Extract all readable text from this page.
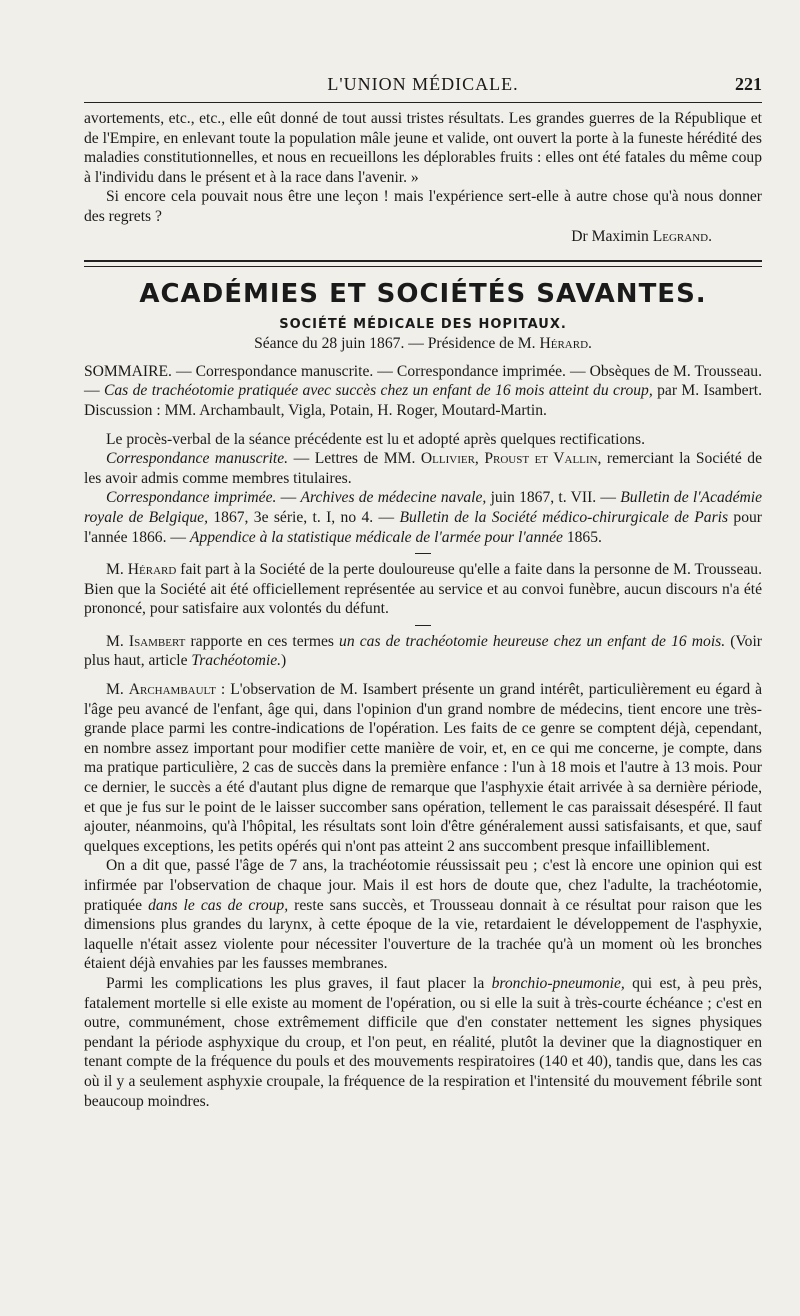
L'UNION MÉDICALE.	221

avortements, etc., etc., elle eût donné de tout aussi tristes résultats. Les grandes guerres de la République et de l'Empire, en enlevant toute la population mâle jeune et valide, ont ouvert la porte à la funeste hérédité des maladies constitutionnelles, et nous en recueillons les déplorables fruits : elles ont été fatales du même coup à l'individu dans le présent et à la race dans l'avenir. »

Si encore cela pouvait nous être une leçon ! mais l'expérience sert-elle à autre chose qu'à nous donner des regrets ?

Dr Maximin Legrand.

ACADÉMIES ET SOCIÉTÉS SAVANTES.
SOCIÉTÉ MÉDICALE DES HOPITAUX.

Séance du 28 juin 1867. — Présidence de M. Hérard.

SOMMAIRE. — Correspondance manuscrite. — Correspondance imprimée. — Obsèques de M. Trousseau. — Cas de trachéotomie pratiquée avec succès chez un enfant de 16 mois atteint du croup, par M. Isambert. Discussion : MM. Archambault, Vigla, Potain, H. Roger, Moutard-Martin.

Le procès-verbal de la séance précédente est lu et adopté après quelques rectifications.

Correspondance manuscrite. — Lettres de MM. Ollivier, Proust et Vallin, remerciant la Société de les avoir admis comme membres titulaires.

Correspondance imprimée. — Archives de médecine navale, juin 1867, t. VII. — Bulletin de l'Académie royale de Belgique, 1867, 3e série, t. I, no 4. — Bulletin de la Société médico-chirurgicale de Paris pour l'année 1866. — Appendice à la statistique médicale de l'armée pour l'année 1865.

M. Hérard fait part à la Société de la perte douloureuse qu'elle a faite dans la personne de M. Trousseau. Bien que la Société ait été officiellement représentée au service et au convoi funèbre, aucun discours n'a été prononcé, pour satisfaire aux volontés du défunt.

M. Isambert rapporte en ces termes un cas de trachéotomie heureuse chez un enfant de 16 mois. (Voir plus haut, article Trachéotomie.)

M. Archambault : L'observation de M. Isambert présente un grand intérêt, particulièrement eu égard à l'âge peu avancé de l'enfant, âge qui, dans l'opinion d'un grand nombre de médecins, tient encore une très-grande place parmi les contre-indications de l'opération. Les faits de ce genre se comptent déjà, cependant, en nombre assez important pour modifier cette manière de voir, et, en ce qui me concerne, je compte, dans ma pratique particulière, 2 cas de succès dans la première enfance : l'un à 18 mois et l'autre à 13 mois. Pour ce dernier, le succès a été d'autant plus digne de remarque que l'asphyxie était arrivée à sa dernière période, et que je fus sur le point de le laisser succomber sans opération, tellement le cas paraissait désespéré. Il faut ajouter, néanmoins, qu'à l'hôpital, les résultats sont loin d'être généralement aussi satisfaisants, et que, sauf quelques exceptions, les petits opérés qui n'ont pas atteint 2 ans succombent presque infailliblement.

On a dit que, passé l'âge de 7 ans, la trachéotomie réussissait peu ; c'est là encore une opinion qui est infirmée par l'observation de chaque jour. Mais il est hors de doute que, chez l'adulte, la trachéotomie, pratiquée dans le cas de croup, reste sans succès, et Trousseau donnait à ce résultat pour raison que les dimensions plus grandes du larynx, à cette époque de la vie, retardaient le développement de l'asphyxie, laquelle n'était assez violente pour nécessiter l'ouverture de la trachée qu'à un moment où les bronches étaient déjà envahies par les fausses membranes.

Parmi les complications les plus graves, il faut placer la bronchio-pneumonie, qui est, à peu près, fatalement mortelle si elle existe au moment de l'opération, ou si elle la suit à très-courte échéance ; c'est en outre, communément, chose extrêmement difficile que d'en constater nettement les signes physiques pendant la période asphyxique du croup, et l'on peut, en réalité, plutôt la deviner que la diagnostiquer en tenant compte de la fréquence du pouls et des mouvements respiratoires (140 et 40), tandis que, dans les cas où il y a seulement asphyxie croupale, la fréquence de la respiration et l'intensité du mouvement fébrile sont beaucoup moindres.
